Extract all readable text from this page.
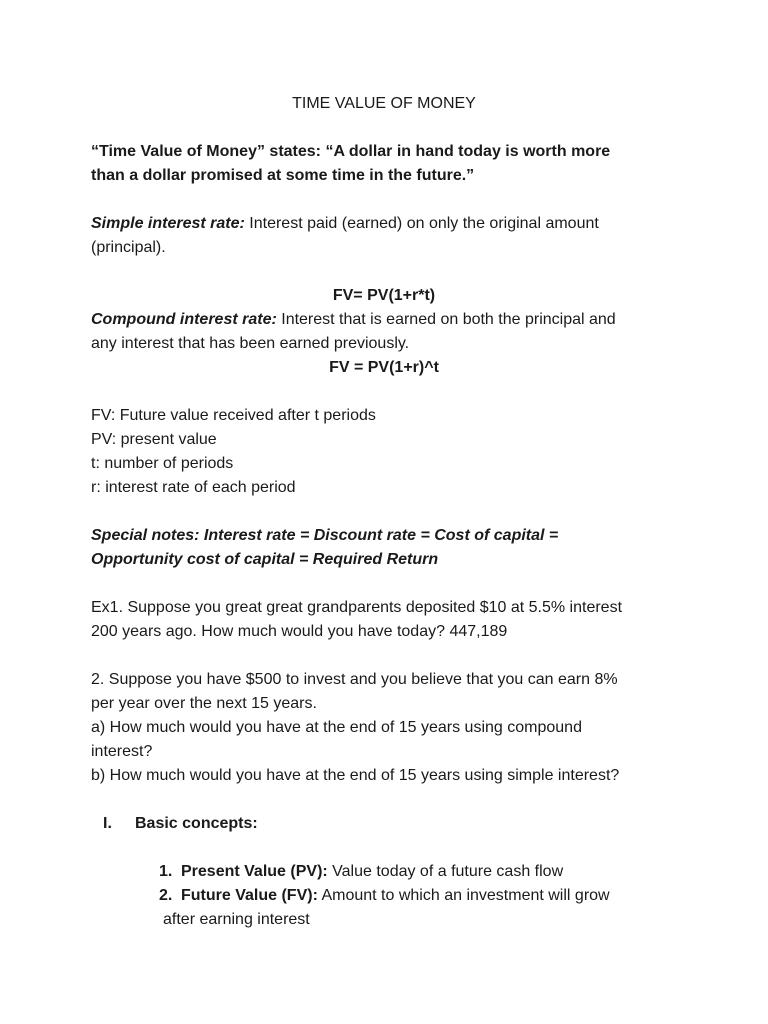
TIME VALUE OF MONEY
“Time Value of Money” states: “A dollar in hand today is worth more
than a dollar promised at some time in the future.”
Simple interest rate: Interest paid (earned) on only the original amount
(principal).
FV= PV(1+r*t)
Compound interest rate: Interest that is earned on both the principal and
any interest that has been earned previously.
FV = PV(1+r)^t
FV: Future value received after t periods
PV: present value
t: number of periods
r: interest rate of each period
Special notes: Interest rate = Discount rate = Cost of capital =
Opportunity cost of capital = Required Return
Ex1. Suppose you great great grandparents deposited $10 at 5.5% interest
200 years ago. How much would you have today? 447,189
2. Suppose you have $500 to invest and you believe that you can earn 8%
per year over the next 15 years.
a) How much would you have at the end of 15 years using compound
interest?
b) How much would you have at the end of 15 years using simple interest?
I. Basic concepts:
1. Present Value (PV): Value today of a future cash flow
2. Future Value (FV): Amount to which an investment will grow
after earning interest
